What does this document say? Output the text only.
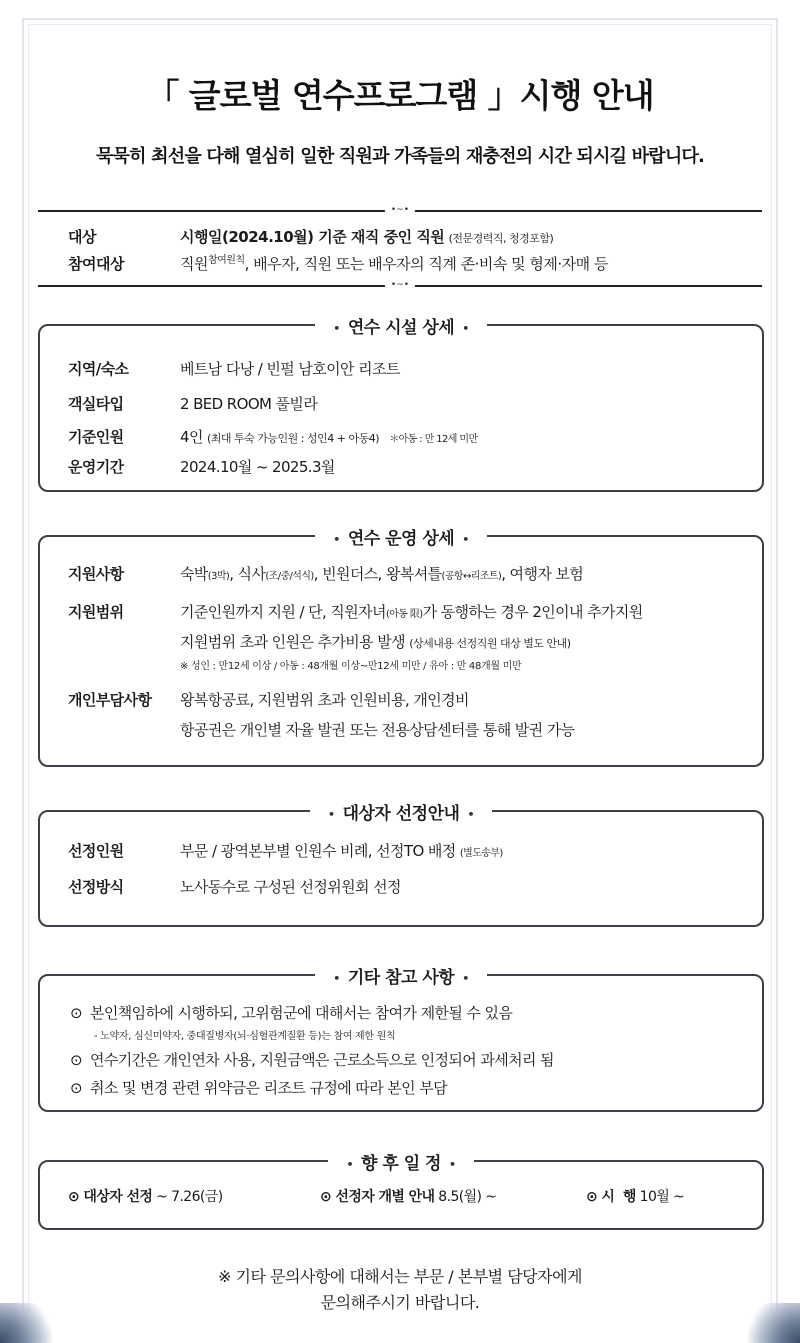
「 글로벌 연수프로그램 」시행 안내
묵묵히 최선을 다해 열심히 일한 직원과 가족들의 재충전의 시간 되시길 바랍니다.
•~•
대상	시행일(2024.10월) 기준 재직 중인 직원 (전문경력직, 청경포함)
참여대상	직원$^{참여원칙}$, 배우자, 직원 또는 배우자의 직계 존·비속 및 형제·자매 등
•~•
• 연수 시설 상세 •
지역/숙소	베트남 다낭 / 빈펄 남호이안 리조트
객실타입	2 BED ROOM 풀빌라
기준인원	4인 (최대 투숙 가능인원 : 성인4 + 아동4) ＊아동 : 만 12세 미만
운영기간	2024.10월 ~ 2025.3월
• 연수 운영 상세 •
지원사항	숙박(3박), 식사(조/중/석식), 빈원더스, 왕복셔틀(공항↔리조트), 여행자 보험
지원범위	기준인원까지 지원 / 단, 직원자녀(아동 限)가 동행하는 경우 2인이내 추가지원
지원범위 초과 인원은 추가비용 발생 (상세내용 선정직원 대상 별도 안내)
※ 성인 : 만12세 이상 / 아동 : 48개월 이상~만12세 미만 / 유아 : 만 48개월 미만
개인부담사항 왕복항공료, 지원범위 초과 인원비용, 개인경비
항공권은 개인별 자율 발권 또는 전용상담센터를 통해 발권 가능
• 대상자 선정안내 •
선정인원	부문 / 광역본부별 인원수 비례, 선정TO 배정 (별도송부)
선정방식	노사동수로 구성된 선정위원회 선정
• 기타 참고 사항 •
⊙ 본인책임하에 시행하되, 고위험군에 대해서는 참여가 제한될 수 있음
- 노약자, 심신미약자, 중대질병자(뇌·심혈관계질환 등)는 참여 제한 원칙
⊙ 연수기간은 개인연차 사용, 지원금액은 근로소득으로 인정되어 과세처리 됨
⊙ 취소 및 변경 관련 위약금은 리조트 규정에 따라 본인 부담
• 향 후 일 정 •
⊙ 대상자 선정 ~ 7.26(금)	⊙ 선정자 개별 안내 8.5(월) ~	⊙ 시  행 10월 ~
※ 기타 문의사항에 대해서는 부문 / 본부별 담당자에게
문의해주시기 바랍니다.
